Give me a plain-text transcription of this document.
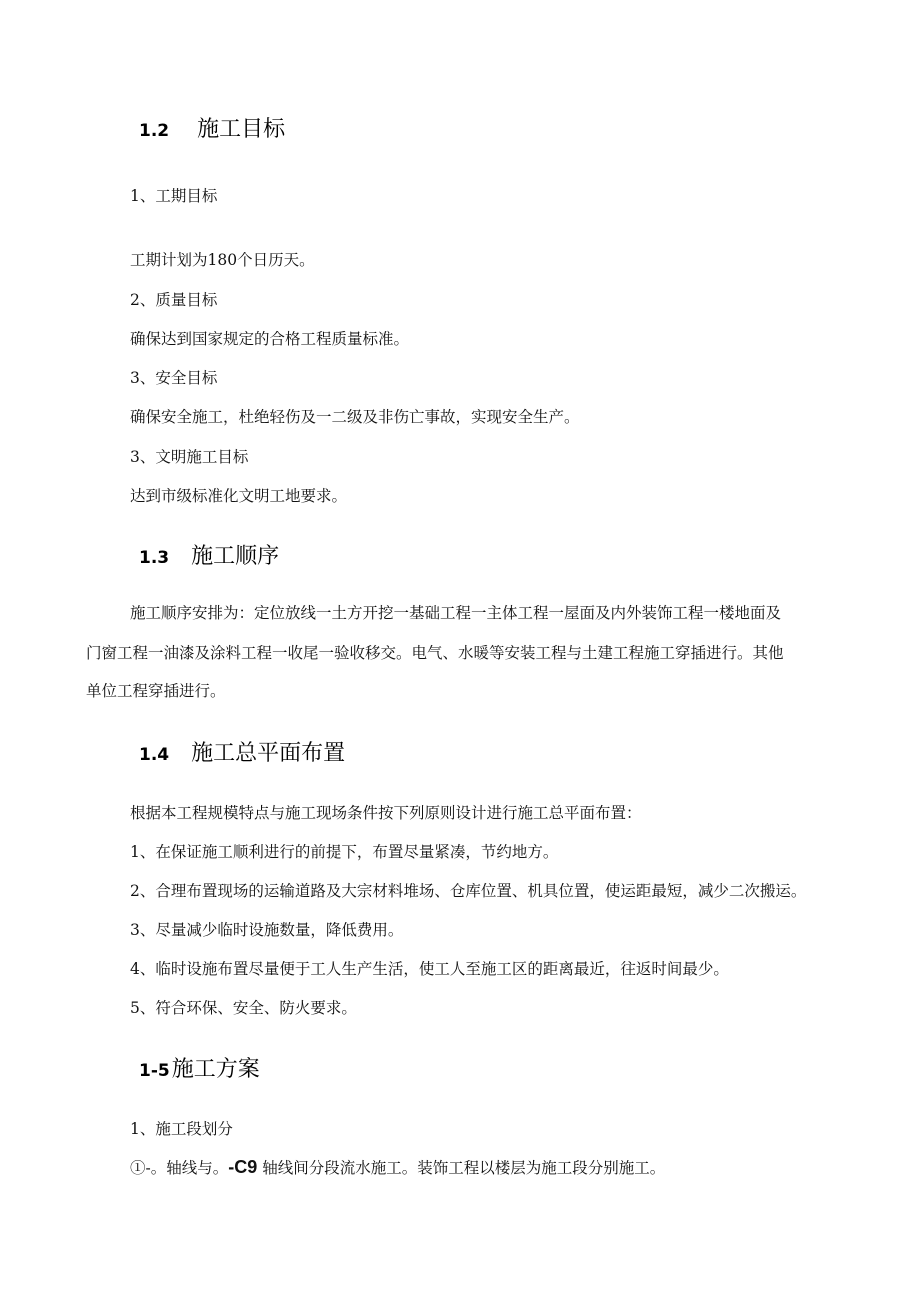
1.2 施工目标
1、工期目标
工期计划为180个日历天。
2、质量目标
确保达到国家规定的合格工程质量标准。
3、安全目标
确保安全施工，杜绝轻伤及一二级及非伤亡事故，实现安全生产。
3、文明施工目标
达到市级标准化文明工地要求。
1.3 施工顺序
施工顺序安排为：定位放线一土方开挖一基础工程一主体工程一屋面及内外装饰工程一楼地面及
门窗工程一油漆及涂料工程一收尾一验收移交。电气、水暖等安装工程与土建工程施工穿插进行。其他
单位工程穿插进行。
1.4 施工总平面布置
根据本工程规模特点与施工现场条件按下列原则设计进行施工总平面布置：
1、在保证施工顺利进行的前提下，布置尽量紧凑，节约地方。
2、合理布置现场的运输道路及大宗材料堆场、仓库位置、机具位置，使运距最短，减少二次搬运。
3、尽量减少临时设施数量，降低费用。
4、临时设施布置尽量便于工人生产生活，使工人至施工区的距离最近，往返时间最少。
5、符合环保、安全、防火要求。
1-5施工方案
1、施工段划分
①-。轴线与。-C9 轴线间分段流水施工。装饰工程以楼层为施工段分别施工。
